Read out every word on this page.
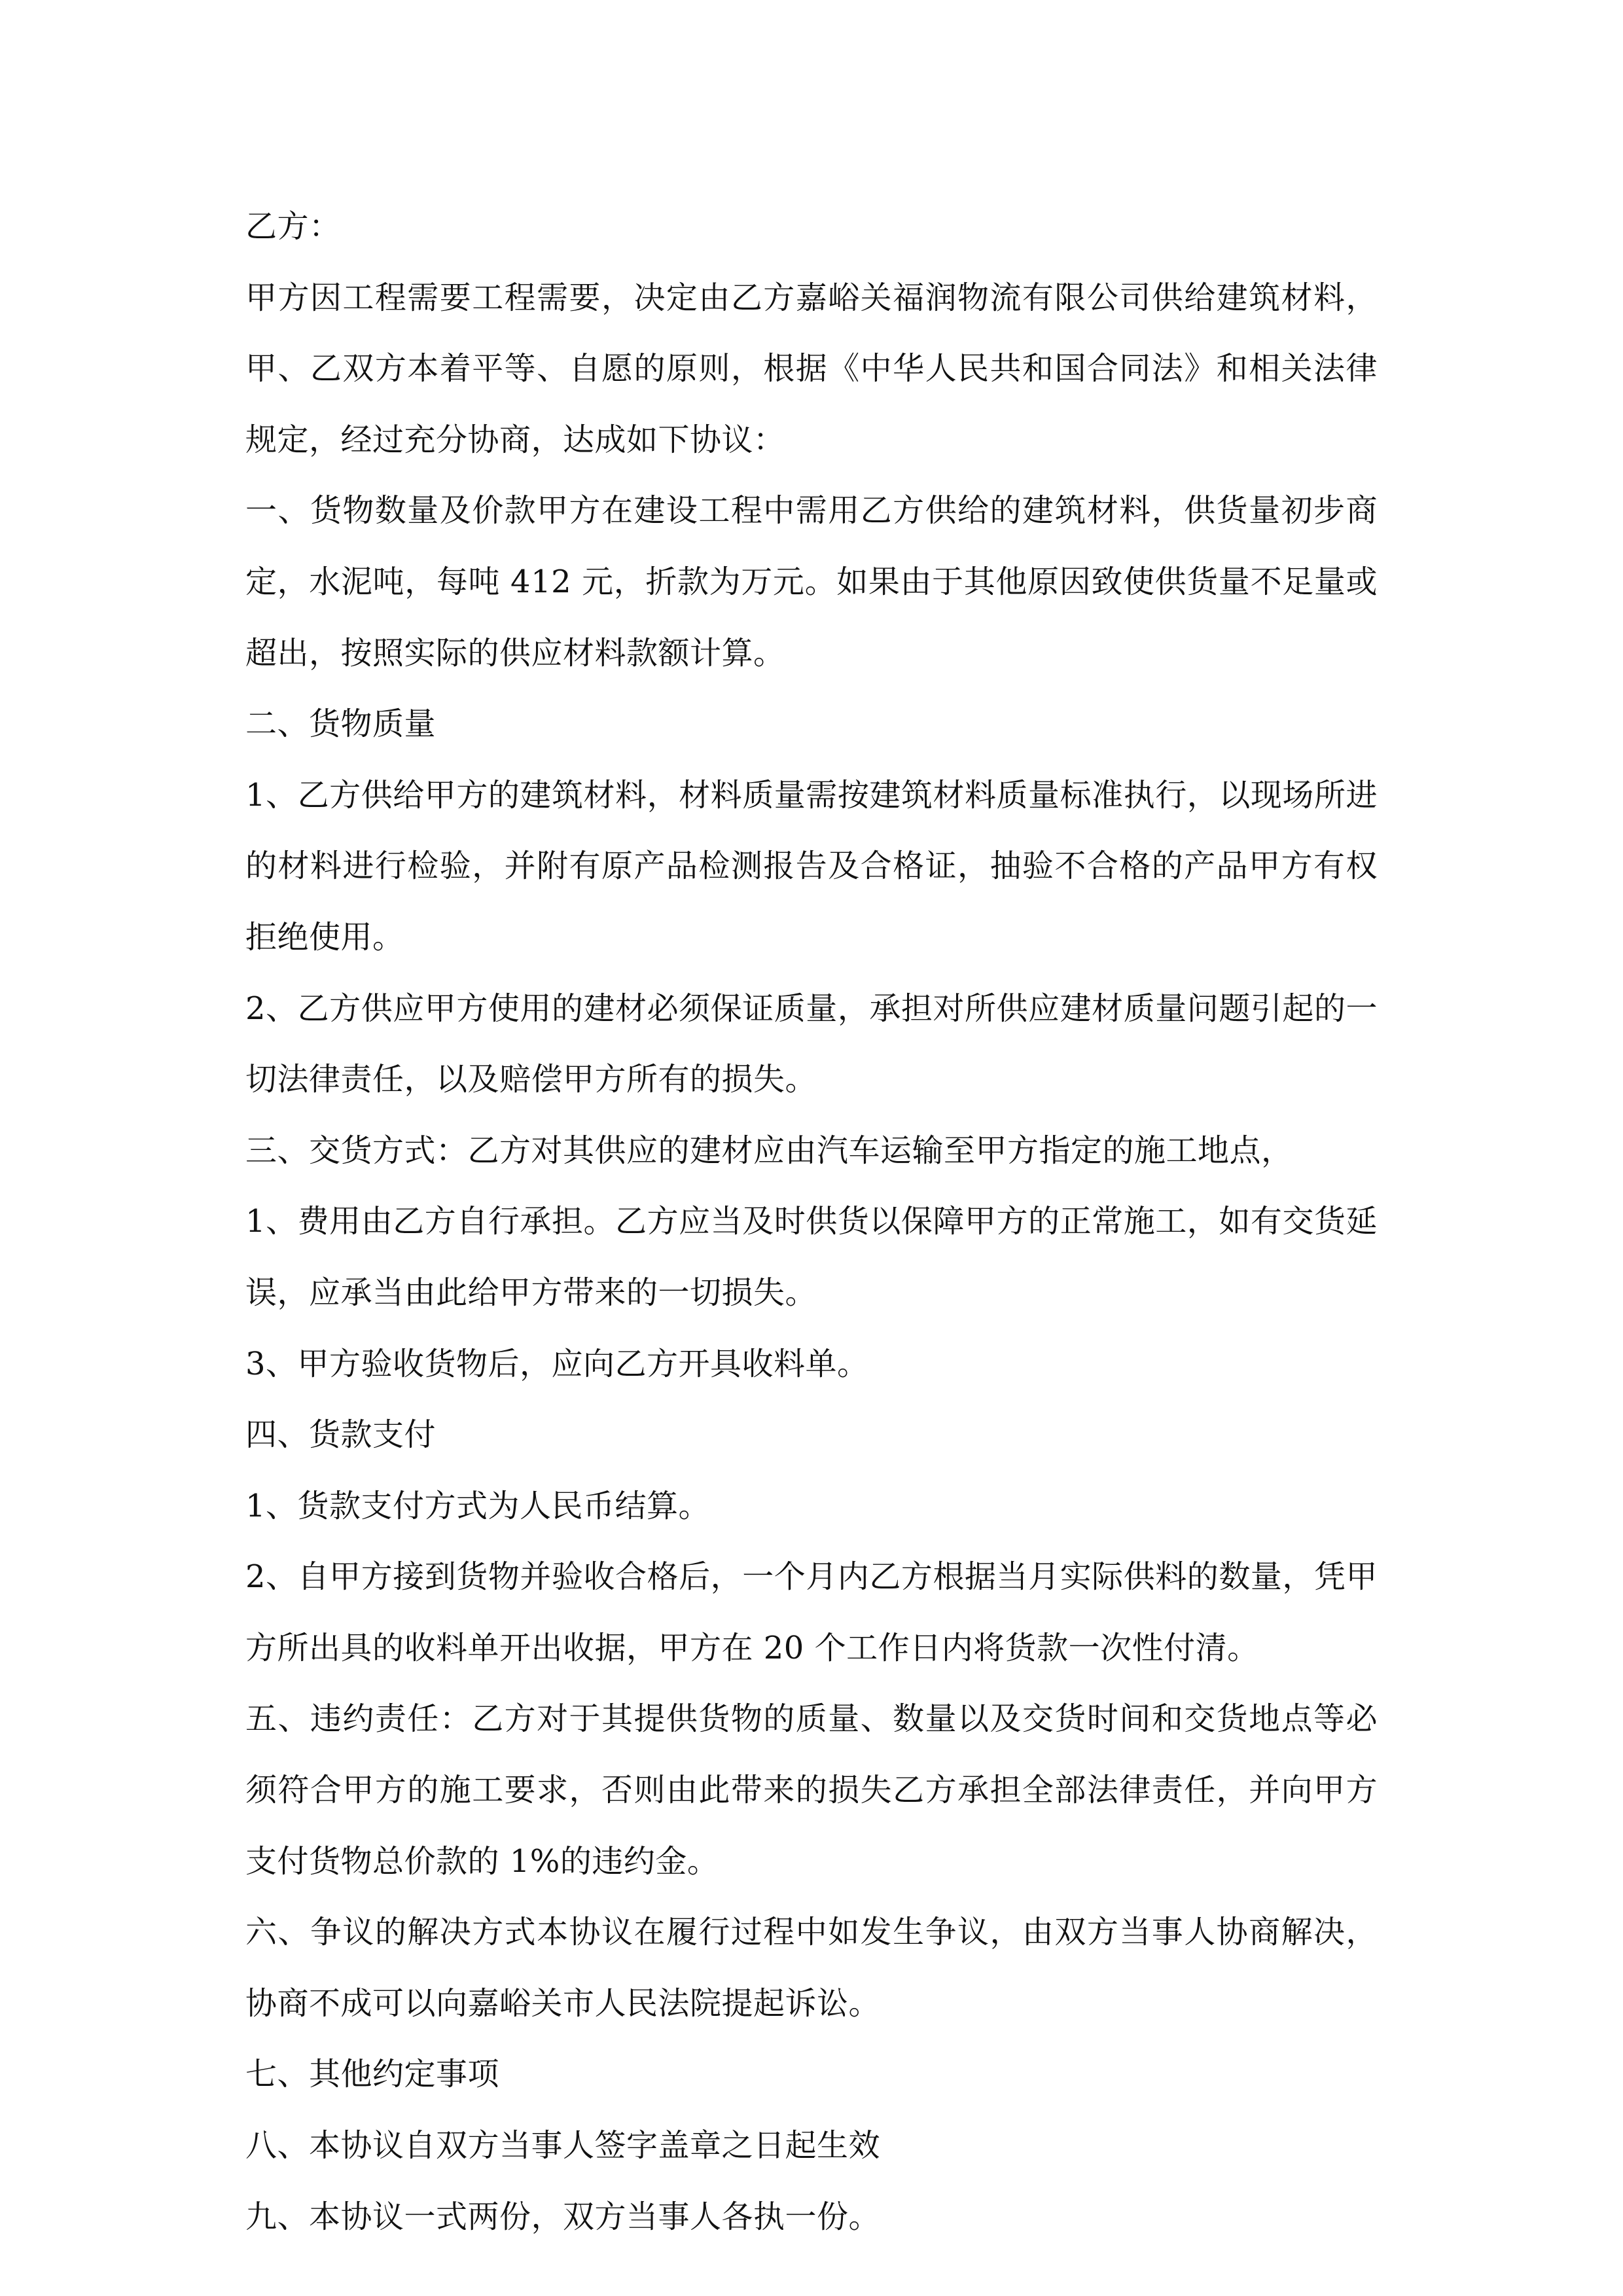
乙方：

甲方因工程需要工程需要，决定由乙方嘉峪关福润物流有限公司供给建筑材料，甲、乙双方本着平等、自愿的原则，根据《中华人民共和国合同法》和相关法律规定，经过充分协商，达成如下协议：

一、货物数量及价款甲方在建设工程中需用乙方供给的建筑材料，供货量初步商定，水泥吨，每吨 412 元，折款为万元。如果由于其他原因致使供货量不足量或超出，按照实际的供应材料款额计算。

二、货物质量

1、乙方供给甲方的建筑材料，材料质量需按建筑材料质量标准执行，以现场所进的材料进行检验，并附有原产品检测报告及合格证，抽验不合格的产品甲方有权拒绝使用。

2、乙方供应甲方使用的建材必须保证质量，承担对所供应建材质量问题引起的一切法律责任，以及赔偿甲方所有的损失。

三、交货方式：乙方对其供应的建材应由汽车运输至甲方指定的施工地点，

1、费用由乙方自行承担。乙方应当及时供货以保障甲方的正常施工，如有交货延误，应承当由此给甲方带来的一切损失。

3、甲方验收货物后，应向乙方开具收料单。

四、货款支付

1、货款支付方式为人民币结算。

2、自甲方接到货物并验收合格后，一个月内乙方根据当月实际供料的数量，凭甲方所出具的收料单开出收据，甲方在 20 个工作日内将货款一次性付清。

五、违约责任：乙方对于其提供货物的质量、数量以及交货时间和交货地点等必须符合甲方的施工要求，否则由此带来的损失乙方承担全部法律责任，并向甲方支付货物总价款的 1%的违约金。

六、争议的解决方式本协议在履行过程中如发生争议，由双方当事人协商解决，协商不成可以向嘉峪关市人民法院提起诉讼。

七、其他约定事项

八、本协议自双方当事人签字盖章之日起生效

九、本协议一式两份，双方当事人各执一份。
